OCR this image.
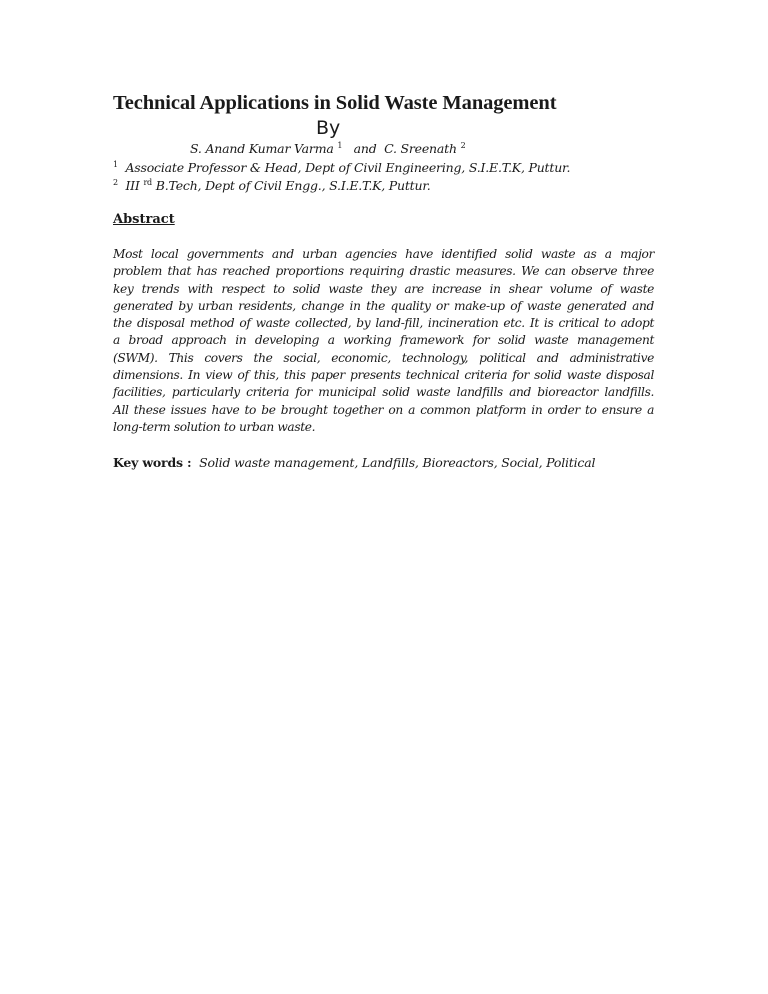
Technical Applications in Solid Waste Management
By
S. Anand Kumar Varma $^1$ and C. Sreenath $^2$
$^1$ Associate Professor & Head, Dept of Civil Engineering, S.I.E.T.K, Puttur.
$^2$ III $^{rd}$ B.Tech, Dept of Civil Engg., S.I.E.T.K, Puttur.
Abstract
Most local governments and urban agencies have identified solid waste as a major
problem that has reached proportions requiring drastic measures. We can observe three
key trends with respect to solid waste they are increase in shear volume of waste
generated by urban residents, change in the quality or make-up of waste generated and
the disposal method of waste collected, by land-fill, incineration etc. It is critical to adopt
a broad approach in developing a working framework for solid waste management
(SWM). This covers the social, economic, technology, political and administrative
dimensions. In view of this, this paper presents technical criteria for solid waste disposal
facilities, particularly criteria for municipal solid waste landfills and bioreactor landfills.
All these issues have to be brought together on a common platform in order to ensure a
long-term solution to urban waste.
Key words : Solid waste management, Landfills, Bioreactors, Social, Political
